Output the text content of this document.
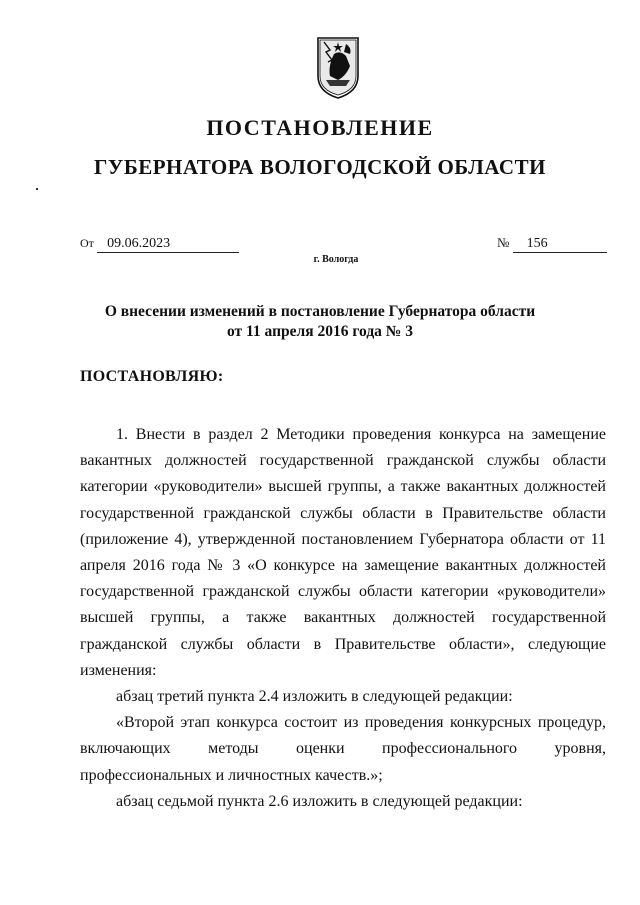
ПОСТАНОВЛЕНИЕ
ГУБЕРНАТОРА ВОЛОГОДСКОЙ ОБЛАСТИ
От 09.06.2023	№ 156
г. Вологда
О внесении изменений в постановление Губернатора области
от 11 апреля 2016 года № 3
ПОСТАНОВЛЯЮ:

1. Внести в раздел 2 Методики проведения конкурса на замещение вакантных должностей государственной гражданской службы области категории «руководители» высшей группы, а также вакантных должностей государственной гражданской службы области в Правительстве области (приложение 4), утвержденной постановлением Губернатора области от 11 апреля 2016 года № 3 «О конкурсе на замещение вакантных должностей государственной гражданской службы области категории «руководители» высшей группы, а также вакантных должностей государственной гражданской службы области в Правительстве области», следующие изменения:

абзац третий пункта 2.4 изложить в следующей редакции:

«Второй этап конкурса состоит из проведения конкурсных процедур, включающих методы оценки профессионального уровня, профессиональных и личностных качеств.»;

абзац седьмой пункта 2.6 изложить в следующей редакции:
